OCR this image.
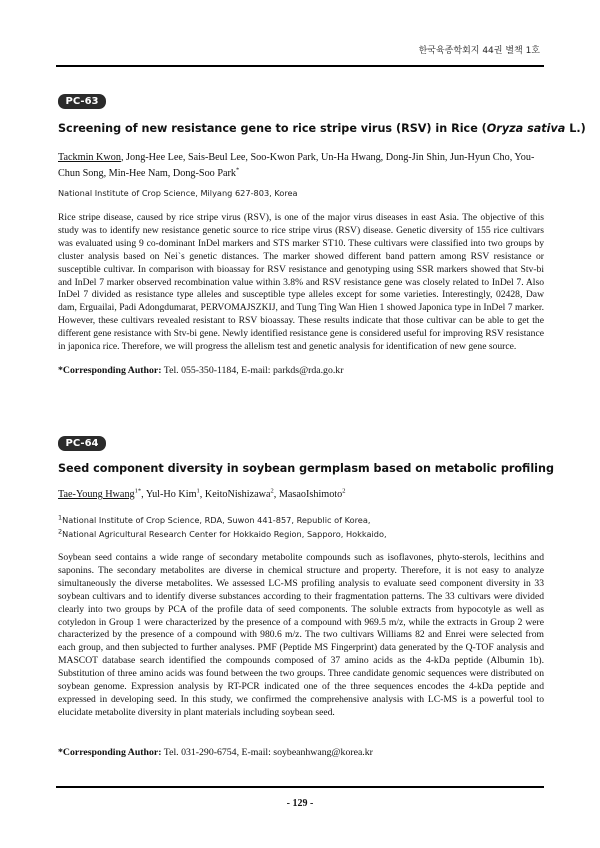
한국육종학회지 44권 별책 1호
PC-63
Screening of new resistance gene to rice stripe virus (RSV) in Rice (Oryza sativa L.)
Tackmin Kwon, Jong-Hee Lee, Sais-Beul Lee, Soo-Kwon Park, Un-Ha Hwang, Dong-Jin Shin, Jun-Hyun Cho, You-Chun Song, Min-Hee Nam, Dong-Soo Park*
National Institute of Crop Science, Milyang 627-803, Korea
Rice stripe disease, caused by rice stripe virus (RSV), is one of the major virus diseases in east Asia. The objective of this study was to identify new resistance genetic source to rice stripe virus (RSV) disease. Genetic diversity of 155 rice cultivars was evaluated using 9 co-dominant InDel markers and STS marker ST10. These cultivars were classified into two groups by cluster analysis based on Nei`s genetic distances. The marker showed different band pattern among RSV resistance or susceptible cultivar. In comparison with bioassay for RSV resistance and genotyping using SSR markers showed that Stv-bi and InDel 7 marker observed recombination value within 3.8% and RSV resistance gene was closely related to InDel 7. Also InDel 7 divided as resistance type alleles and susceptible type alleles except for some varieties. Interestingly, 02428, Daw dam, Erguailai, Padi Adongdumarat, PERVOMAJSZKIJ, and Tung Ting Wan Hien 1 showed Japonica type in InDel 7 marker. However, these cultivars revealed resistant to RSV bioassay. These results indicate that those cultivar can be able to get the different gene resistance with Stv-bi gene. Newly identified resistance gene is considered useful for improving RSV resistance in japonica rice. Therefore, we will progress the allelism test and genetic analysis for identification of new gene source.
*Corresponding Author: Tel. 055-350-1184, E-mail: parkds@rda.go.kr
PC-64
Seed component diversity in soybean germplasm based on metabolic profiling
Tae-Young Hwang$^{1*}$, Yul-Ho Kim$^1$, KeitoNishizawa$^2$, MasaoIshimoto$^2$
$^1$National Institute of Crop Science, RDA, Suwon 441-857, Republic of Korea,
$^2$National Agricultural Research Center for Hokkaido Region, Sapporo, Hokkaido,
Soybean seed contains a wide range of secondary metabolite compounds such as isoflavones, phyto-sterols, lecithins and saponins. The secondary metabolites are diverse in chemical structure and property. Therefore, it is not easy to analyze simultaneously the diverse metabolites. We assessed LC-MS profiling analysis to evaluate seed component diversity in 33 soybean cultivars and to identify diverse substances according to their fragmentation patterns. The 33 cultivars were divided clearly into two groups by PCA of the profile data of seed components. The soluble extracts from hypocotyle as well as cotyledon in Group 1 were characterized by the presence of a compound with 969.5 m/z, while the extracts in Group 2 were characterized by the presence of a compound with 980.6 m/z. The two cultivars Williams 82 and Enrei were selected from each group, and then subjected to further analyses. PMF (Peptide MS Fingerprint) data generated by the Q-TOF analysis and MASCOT database search identified the compounds composed of 37 amino acids as the 4-kDa peptide (Albumin 1b). Substitution of three amino acids was found between the two groups. Three candidate genomic sequences were distributed on soybean genome. Expression analysis by RT-PCR indicated one of the three sequences encodes the 4-kDa peptide and expressed in developing seed. In this study, we confirmed the comprehensive analysis with LC-MS is a powerful tool to elucidate metabolite diversity in plant materials including soybean seed.
*Corresponding Author: Tel. 031-290-6754, E-mail: soybeanhwang@korea.kr
- 129 -
